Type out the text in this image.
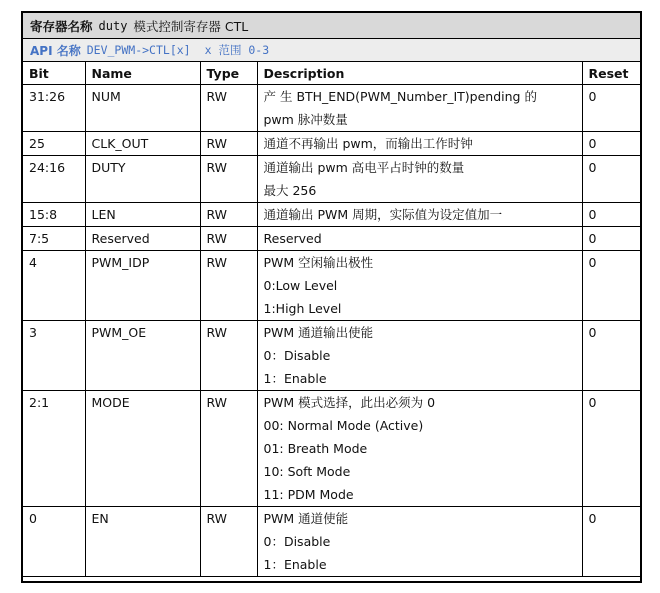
寄存器名称 duty 模式控制寄存器 CTL
API 名称 DEV_PWM->CTL[x] x 范围 0-3
Bit	Name	Type	Description	Reset

31:26	NUM	RW	产 生 BTH_END(PWM_Number_IT)pending 的
pwm 脉冲数量	0

25	CLK_OUT	RW	通道不再输出 pwm，而输出工作时钟	0

24:16	DUTY	RW	通道输出 pwm 高电平占时钟的数量
最大 256	0

15:8	LEN	RW	通道输出 PWM 周期，实际值为设定值加一	0

7:5	Reserved	RW	Reserved	0

4	PWM_IDP	RW	PWM 空闲输出极性
0:Low Level
1:High Level	0

3	PWM_OE	RW	PWM 通道输出使能
0：Disable
1：Enable	0

2:1	MODE	RW	PWM 模式选择，此出必须为 0
00: Normal Mode (Active)
01: Breath Mode
10: Soft Mode
11: PDM Mode	0

0	EN	RW	PWM 通道使能
0：Disable
1：Enable	0
